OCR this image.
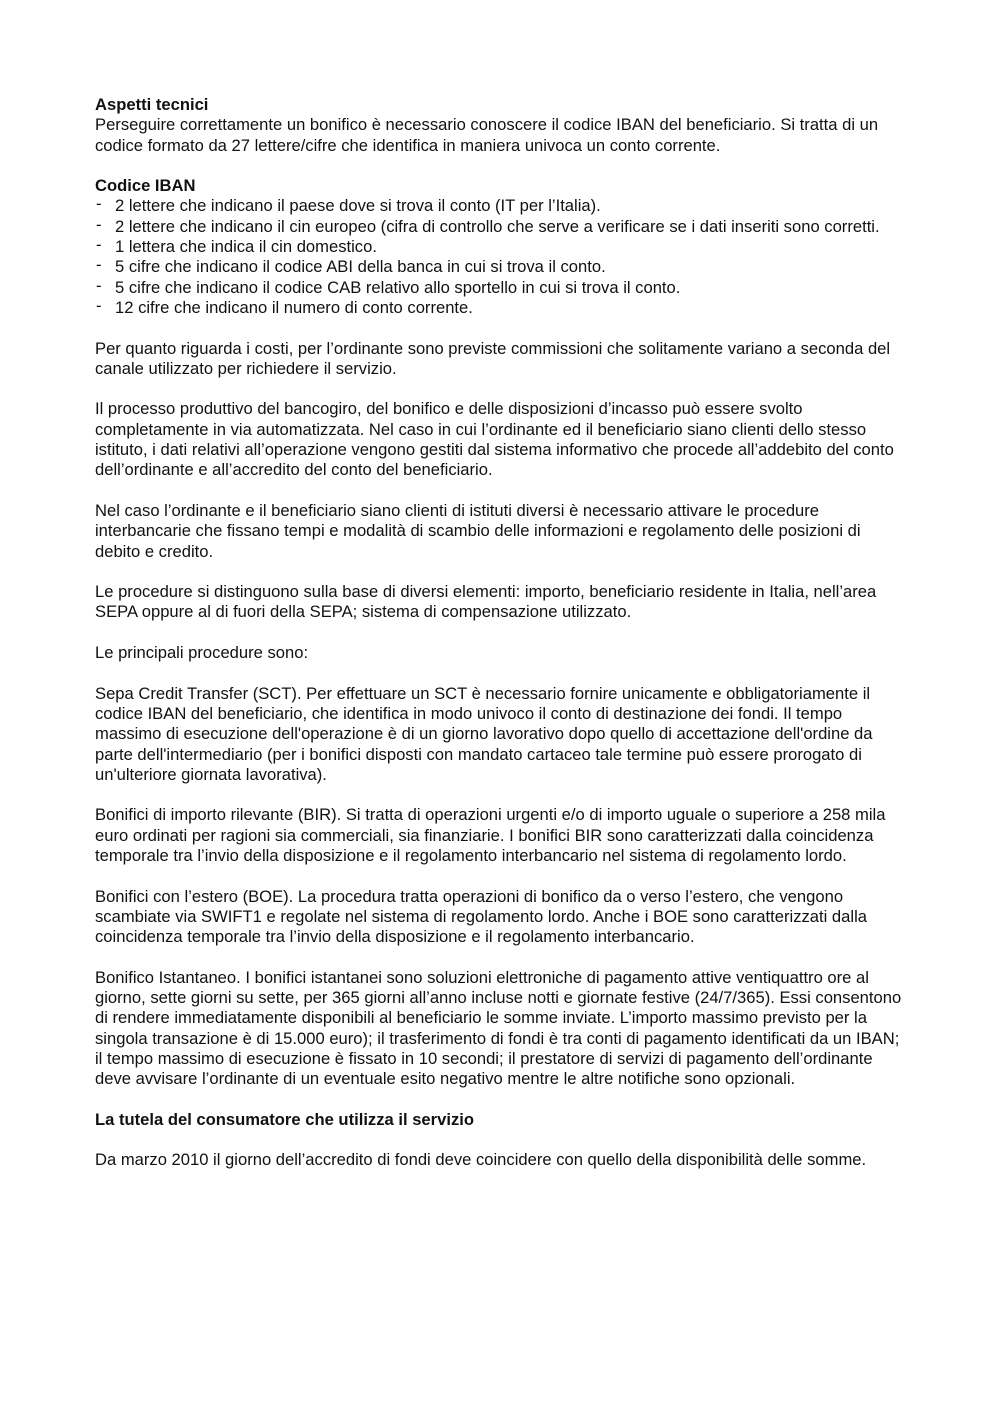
Aspetti tecnici
Perseguire correttamente un bonifico è necessario conoscere il codice IBAN del beneficiario. Si tratta di un codice formato da 27 lettere/cifre che identifica in maniera univoca un conto corrente.
Codice IBAN
- 2 lettere che indicano il paese dove si trova il conto (IT per l’Italia).
- 2 lettere che indicano il cin europeo (cifra di controllo che serve a verificare se i dati inseriti sono corretti.
- 1 lettera che indica il cin domestico.
- 5 cifre che indicano il codice ABI della banca in cui si trova il conto.
- 5 cifre che indicano il codice CAB relativo allo sportello in cui si trova il conto.
- 12 cifre che indicano il numero di conto corrente.
Per quanto riguarda i costi, per l’ordinante sono previste commissioni che solitamente variano a seconda del canale utilizzato per richiedere il servizio.
Il processo produttivo del bancogiro, del bonifico e delle disposizioni d’incasso può essere svolto completamente in via automatizzata. Nel caso in cui l’ordinante ed il beneficiario siano clienti dello stesso istituto, i dati relativi all’operazione vengono gestiti dal sistema informativo che procede all’addebito del conto dell’ordinante e all’accredito del conto del beneficiario.
Nel caso l’ordinante e il beneficiario siano clienti di istituti diversi è necessario attivare le procedure interbancarie che fissano tempi e modalità di scambio delle informazioni e regolamento delle posizioni di debito e credito.
Le procedure si distinguono sulla base di diversi elementi: importo, beneficiario residente in Italia, nell’area SEPA oppure al di fuori della SEPA; sistema di compensazione utilizzato.
Le principali procedure sono:
Sepa Credit Transfer (SCT). Per effettuare un SCT è necessario fornire unicamente e obbligatoriamente il codice IBAN del beneficiario, che identifica in modo univoco il conto di destinazione dei fondi. Il tempo massimo di esecuzione dell'operazione è di un giorno lavorativo dopo quello di accettazione dell'ordine da parte dell'intermediario (per i bonifici disposti con mandato cartaceo tale termine può essere prorogato di un'ulteriore giornata lavorativa).
Bonifici di importo rilevante (BIR). Si tratta di operazioni urgenti e/o di importo uguale o superiore a 258 mila euro ordinati per ragioni sia commerciali, sia finanziarie. I bonifici BIR sono caratterizzati dalla coincidenza temporale tra l’invio della disposizione e il regolamento interbancario nel sistema di regolamento lordo.
Bonifici con l’estero (BOE). La procedura tratta operazioni di bonifico da o verso l’estero, che vengono scambiate via SWIFT1 e regolate nel sistema di regolamento lordo. Anche i BOE sono caratterizzati dalla coincidenza temporale tra l’invio della disposizione e il regolamento interbancario.
Bonifico Istantaneo. I bonifici istantanei sono soluzioni elettroniche di pagamento attive ventiquattro ore al giorno, sette giorni su sette, per 365 giorni all’anno incluse notti e giornate festive (24/7/365). Essi consentono di rendere immediatamente disponibili al beneficiario le somme inviate. L’importo massimo previsto per la singola transazione è di 15.000 euro); il trasferimento di fondi è tra conti di pagamento identificati da un IBAN; il tempo massimo di esecuzione è fissato in 10 secondi; il prestatore di servizi di pagamento dell’ordinante deve avvisare l’ordinante di un eventuale esito negativo mentre le altre notifiche sono opzionali.
La tutela del consumatore che utilizza il servizio
Da marzo 2010 il giorno dell’accredito di fondi deve coincidere con quello della disponibilità delle somme.
